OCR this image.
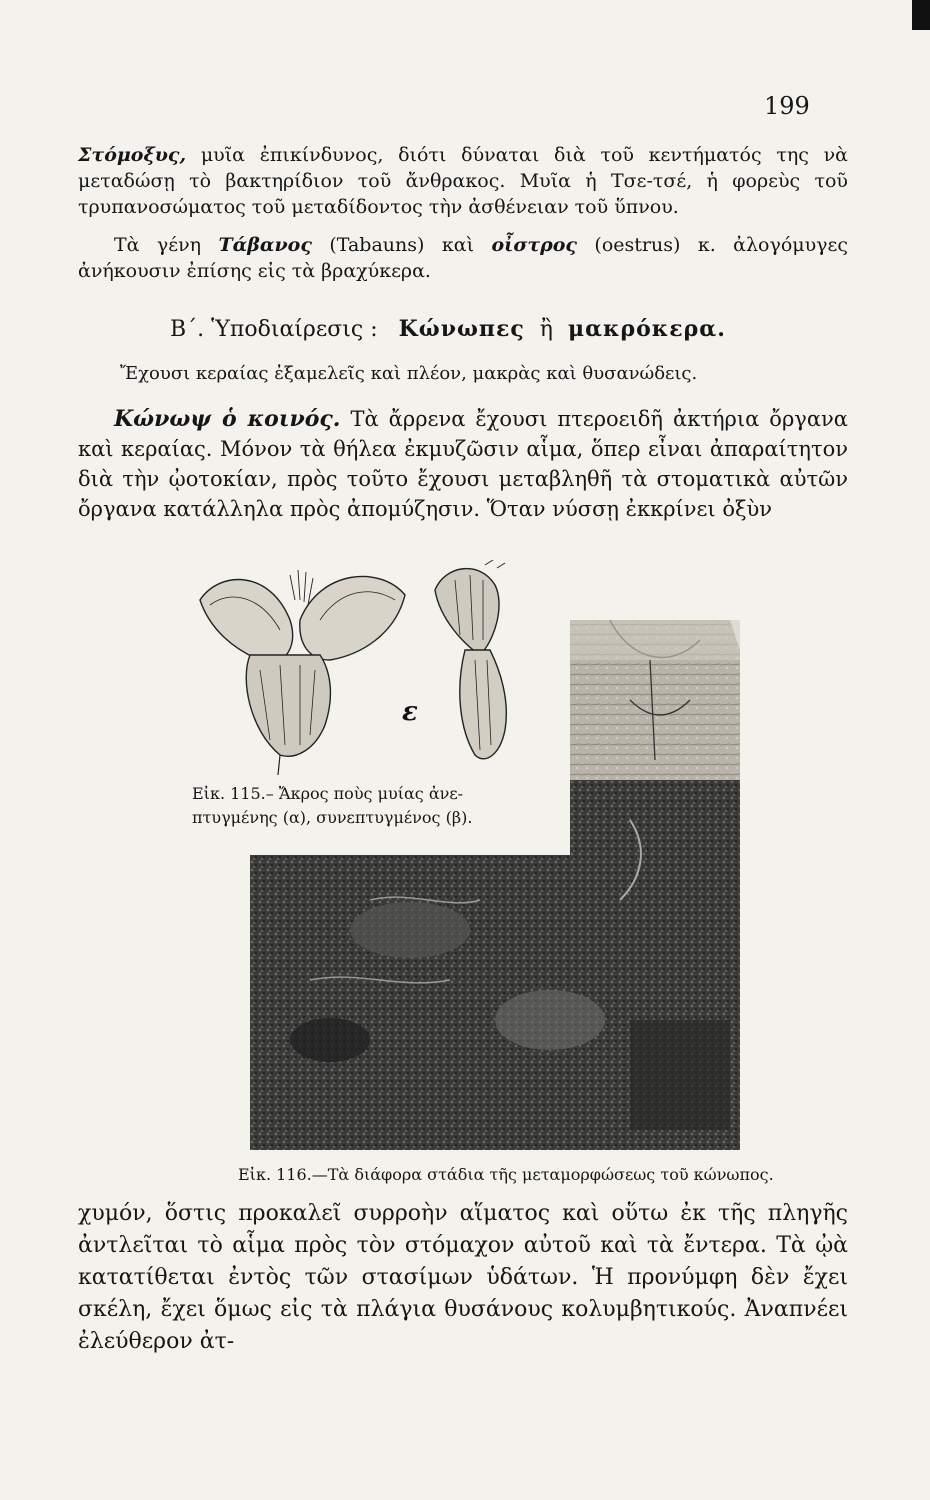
199
Στόμοξυς, μυῖα ἐπικίνδυνος, διότι δύναται διὰ τοῦ κεντήματός της νὰ μεταδώσῃ τὸ βακτηρίδιον τοῦ ἄνθρακος. Μυῖα ἡ Τσε-τσέ, ἡ φορεὺς τοῦ τρυπανοσώματος τοῦ μεταδίδοντος τὴν ἀσθένειαν τοῦ ὕπνου.
Τὰ γένη Τάβανος (Tabauns) καὶ οἶστρος (oestrus) κ. ἀλογόμυγες ἀνήκουσιν ἐπίσης εἰς τὰ βραχύκερα.
Β΄. Ὑποδιαίρεσις : Κώνωπες ἢ μακρόκερα.
Ἔχουσι κεραίας ἐξαμελεῖς καὶ πλέον, μακρὰς καὶ θυσανώδεις.
Κώνωψ ὁ κοινός. Τὰ ἄρρενα ἔχουσι πτεροειδῆ ἀκτήρια ὄργανα καὶ κεραίας. Μόνον τὰ θήλεα ἐκμυζῶσιν αἷμα, ὅπερ εἶναι ἀπαραίτητον διὰ τὴν ᾠοτοκίαν, πρὸς τοῦτο ἔχουσι μεταβληθῆ τὰ στοματικὰ αὐτῶν ὄργανα κατάλληλα πρὸς ἀπομύζησιν. Ὅταν νύσσῃ ἐκκρίνει ὀξὺν
ε
Εἰκ. 115.– Ἄκρος ποὺς μυίας ἀνε-
πτυγμένης (α), συνεπτυγμένος (β).
Εἰκ. 116.—Τὰ διάφορα στάδια τῆς μεταμορφώσεως τοῦ κώνωπος.
χυμόν, ὅστις προκαλεῖ συρροὴν αἵματος καὶ οὕτω ἐκ τῆς πληγῆς ἀντλεῖται τὸ αἷμα πρὸς τὸν στόμαχον αὐτοῦ καὶ τὰ ἔντερα. Τὰ ᾠὰ κατατίθεται ἐντὸς τῶν στασίμων ὑδάτων. Ἡ προνύμφη δὲν ἔχει σκέλη, ἔχει ὅμως εἰς τὰ πλάγια θυσάνους κολυμβητικούς. Ἀναπνέει ἐλεύθερον ἀτ-
